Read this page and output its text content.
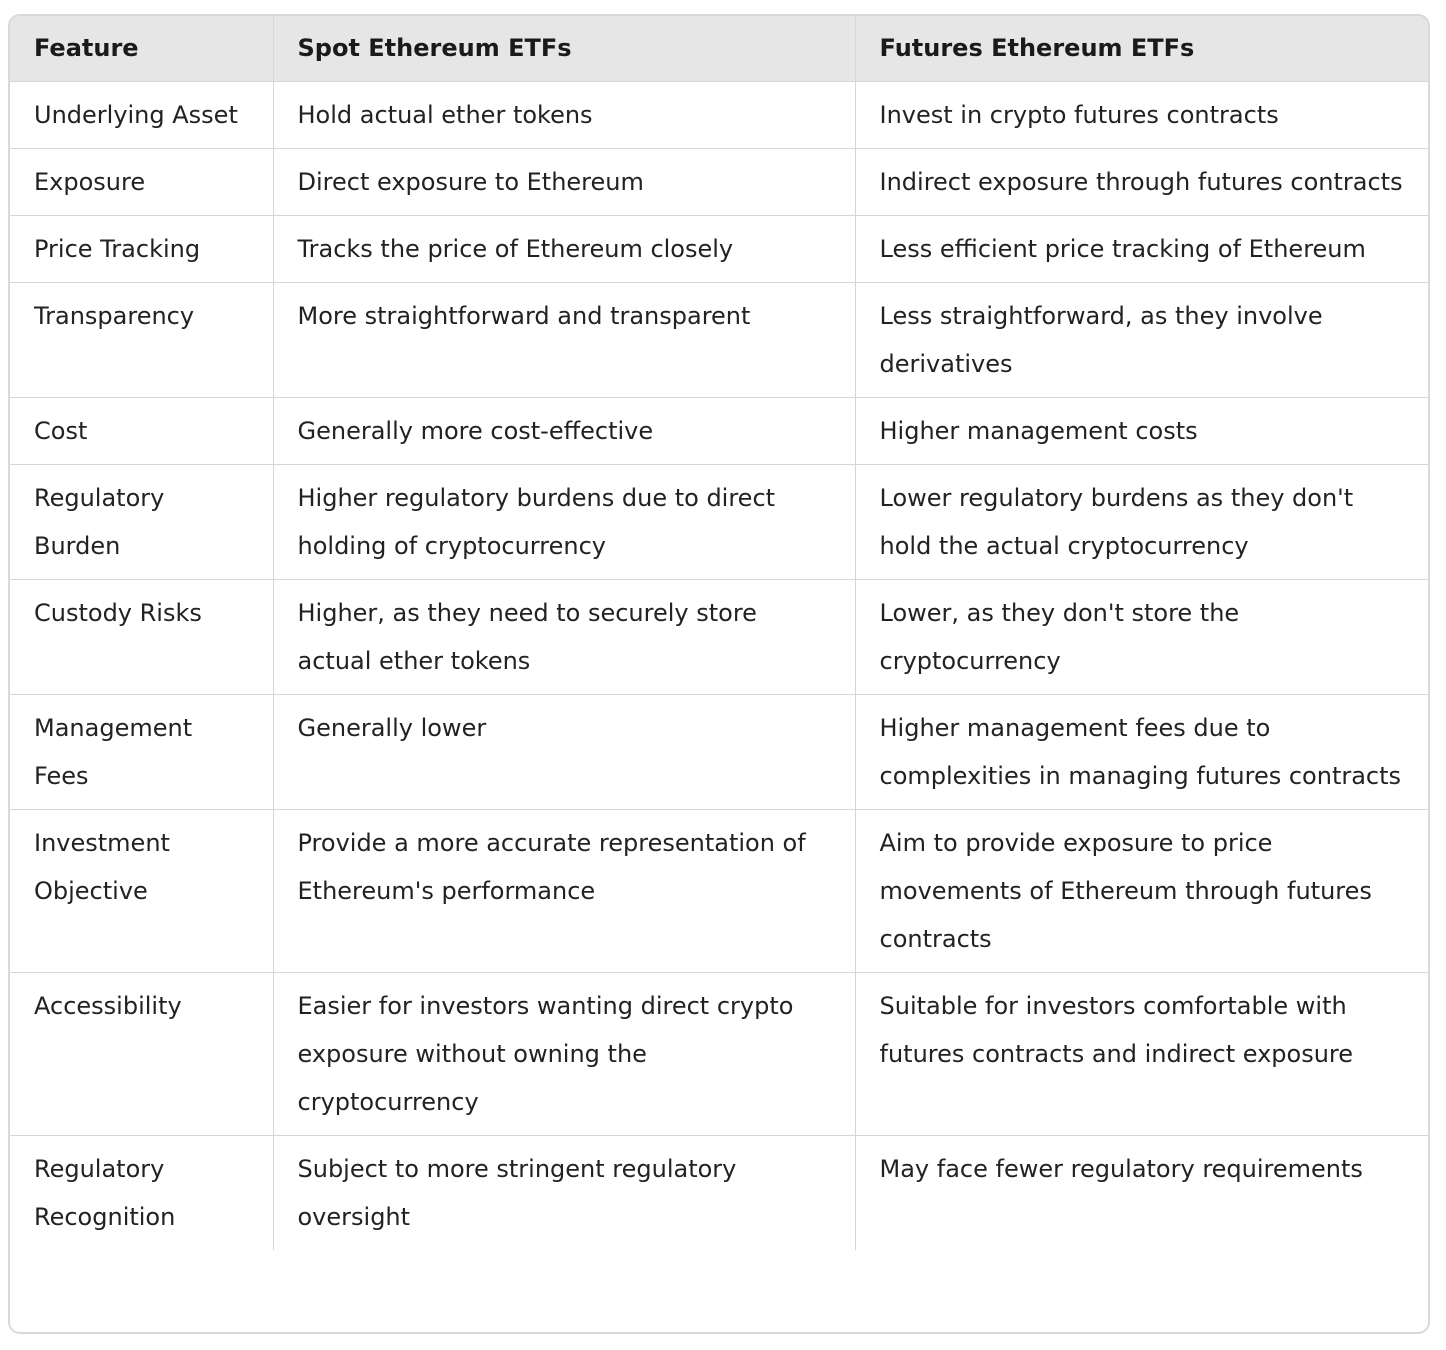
Feature	Spot Ethereum ETFs	Futures Ethereum ETFs
Underlying Asset	Hold actual ether tokens	Invest in crypto futures contracts
Exposure	Direct exposure to Ethereum	Indirect exposure through futures contracts
Price Tracking	Tracks the price of Ethereum closely	Less efficient price tracking of Ethereum
Transparency	More straightforward and transparent	Less straightforward, as they involve derivatives
Cost	Generally more cost-effective	Higher management costs
Regulatory Burden	Higher regulatory burdens due to direct holding of cryptocurrency	Lower regulatory burdens as they don't hold the actual cryptocurrency
Custody Risks	Higher, as they need to securely store actual ether tokens	Lower, as they don't store the cryptocurrency
Management Fees	Generally lower	Higher management fees due to complexities in managing futures contracts
Investment Objective	Provide a more accurate representation of Ethereum's performance	Aim to provide exposure to price movements of Ethereum through futures contracts
Accessibility	Easier for investors wanting direct crypto exposure without owning the cryptocurrency	Suitable for investors comfortable with futures contracts and indirect exposure
Regulatory Recognition	Subject to more stringent regulatory oversight	May face fewer regulatory requirements
